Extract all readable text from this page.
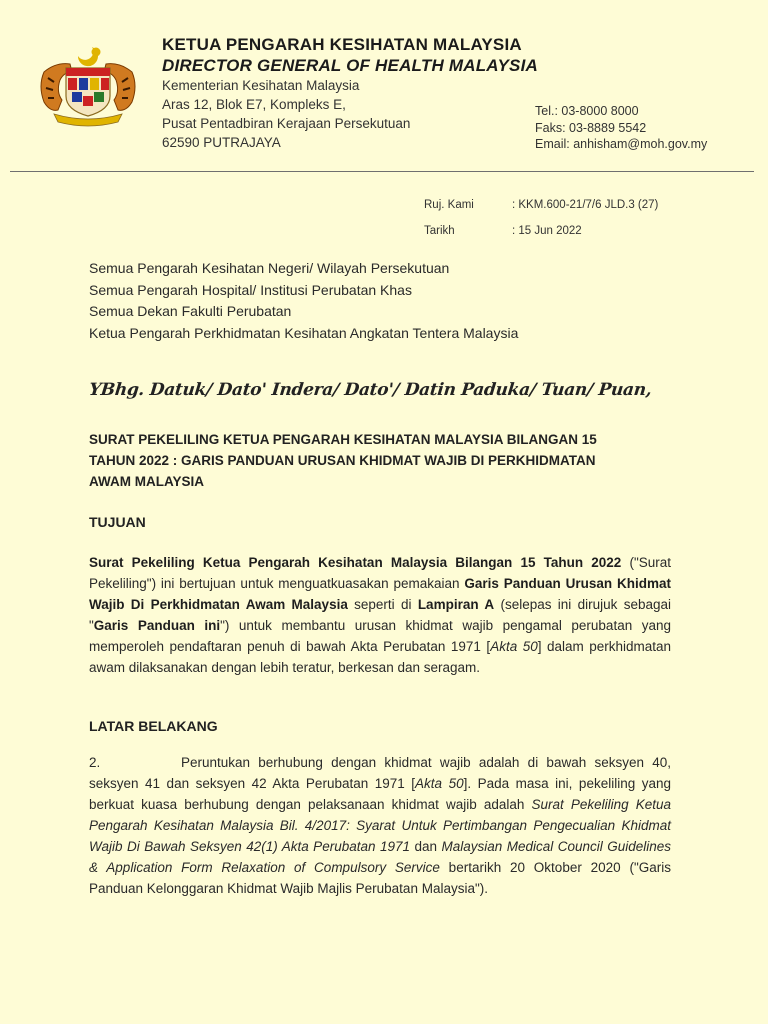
KETUA PENGARAH KESIHATAN MALAYSIA
DIRECTOR GENERAL OF HEALTH MALAYSIA
Kementerian Kesihatan Malaysia
Aras 12, Blok E7, Kompleks E,
Pusat Pentadbiran Kerajaan Persekutuan
62590 PUTRAJAYA
Tel.: 03-8000 8000
Faks: 03-8889 5542
Email: anhisham@moh.gov.my
Ruj. Kami	: KKM.600-21/7/6 JLD.3 (27)
Tarikh	: 15 Jun 2022
Semua Pengarah Kesihatan Negeri/ Wilayah Persekutuan
Semua Pengarah Hospital/ Institusi Perubatan Khas
Semua Dekan Fakulti Perubatan
Ketua Pengarah Perkhidmatan Kesihatan Angkatan Tentera Malaysia
YBhg. Datuk/ Dato' Indera/ Dato'/ Datin Paduka/ Tuan/ Puan,
SURAT PEKELILING KETUA PENGARAH KESIHATAN MALAYSIA BILANGAN 15
TAHUN 2022 : GARIS PANDUAN URUSAN KHIDMAT WAJIB DI PERKHIDMATAN
AWAM MALAYSIA
TUJUAN
Surat Pekeliling Ketua Pengarah Kesihatan Malaysia Bilangan 15 Tahun 2022 ("Surat Pekeliling") ini bertujuan untuk menguatkuasakan pemakaian Garis Panduan Urusan Khidmat Wajib Di Perkhidmatan Awam Malaysia seperti di Lampiran A (selepas ini dirujuk sebagai "Garis Panduan ini") untuk membantu urusan khidmat wajib pengamal perubatan yang memperoleh pendaftaran penuh di bawah Akta Perubatan 1971 [Akta 50] dalam perkhidmatan awam dilaksanakan dengan lebih teratur, berkesan dan seragam.
LATAR BELAKANG
2.	Peruntukan berhubung dengan khidmat wajib adalah di bawah seksyen 40, seksyen 41 dan seksyen 42 Akta Perubatan 1971 [Akta 50]. Pada masa ini, pekeliling yang berkuat kuasa berhubung dengan pelaksanaan khidmat wajib adalah Surat Pekeliling Ketua Pengarah Kesihatan Malaysia Bil. 4/2017: Syarat Untuk Pertimbangan Pengecualian Khidmat Wajib Di Bawah Seksyen 42(1) Akta Perubatan 1971 dan Malaysian Medical Council Guidelines & Application Form Relaxation of Compulsory Service bertarikh 20 Oktober 2020 ("Garis Panduan Kelonggaran Khidmat Wajib Majlis Perubatan Malaysia").
